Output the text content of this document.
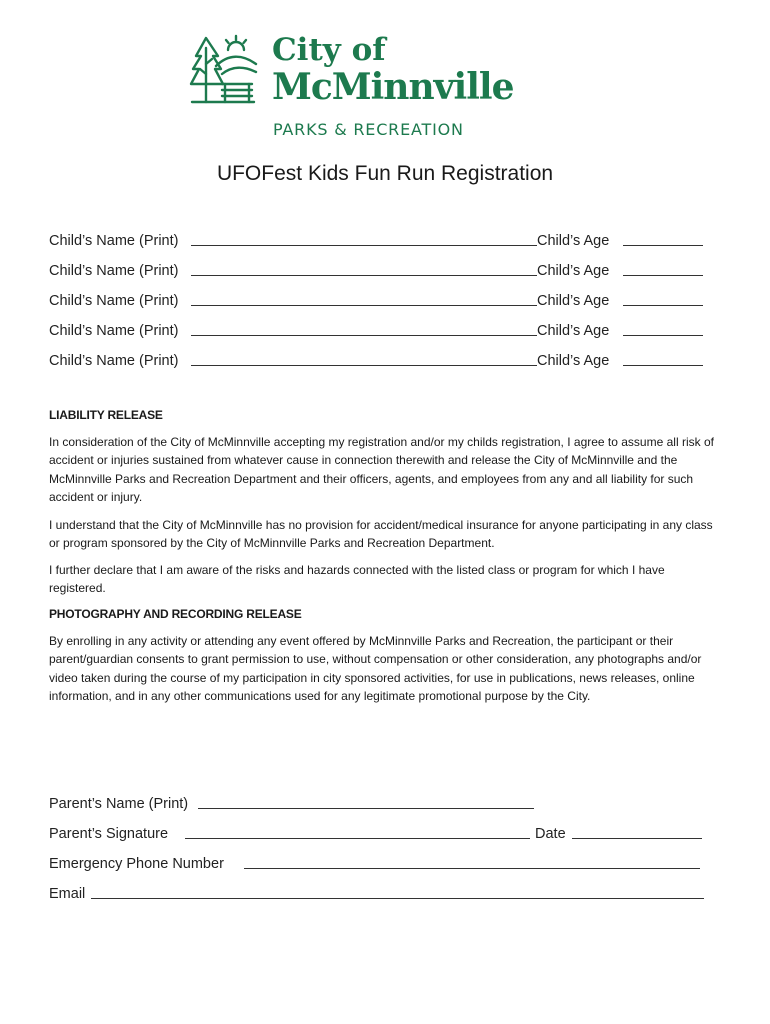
City of
McMinnville
PARKS & RECREATION
UFOFest Kids Fun Run Registration
Child’s Name (Print)	Child’s Age
Child’s Name (Print)	Child’s Age
Child’s Name (Print)	Child’s Age
Child’s Name (Print)	Child’s Age
Child’s Name (Print)	Child’s Age
LIABILITY RELEASE

In consideration of the City of McMinnville accepting my registration and/or my childs registration, I agree to assume all risk of accident or injuries sustained from whatever cause in connection therewith and release the City of McMinnville and the McMinnville Parks and Recreation Department and their officers, agents, and employees from any and all liability for such accident or injury.

I understand that the City of McMinnville has no provision for accident/medical insurance for anyone participating in any class or program sponsored by the City of McMinnville Parks and Recreation Department.

I further declare that I am aware of the risks and hazards connected with the listed class or program for which I have registered.

PHOTOGRAPHY AND RECORDING RELEASE

By enrolling in any activity or attending any event offered by McMinnville Parks and Recreation, the participant or their parent/guardian consents to grant permission to use, without compensation or other consideration, any photographs and/or video taken during the course of my participation in city sponsored activities, for use in publications, news releases, online information, and in any other communications used for any legitimate promotional purpose by the City.

Parent’s Name (Print)
Parent’s Signature	Date
Emergency Phone Number
Email
